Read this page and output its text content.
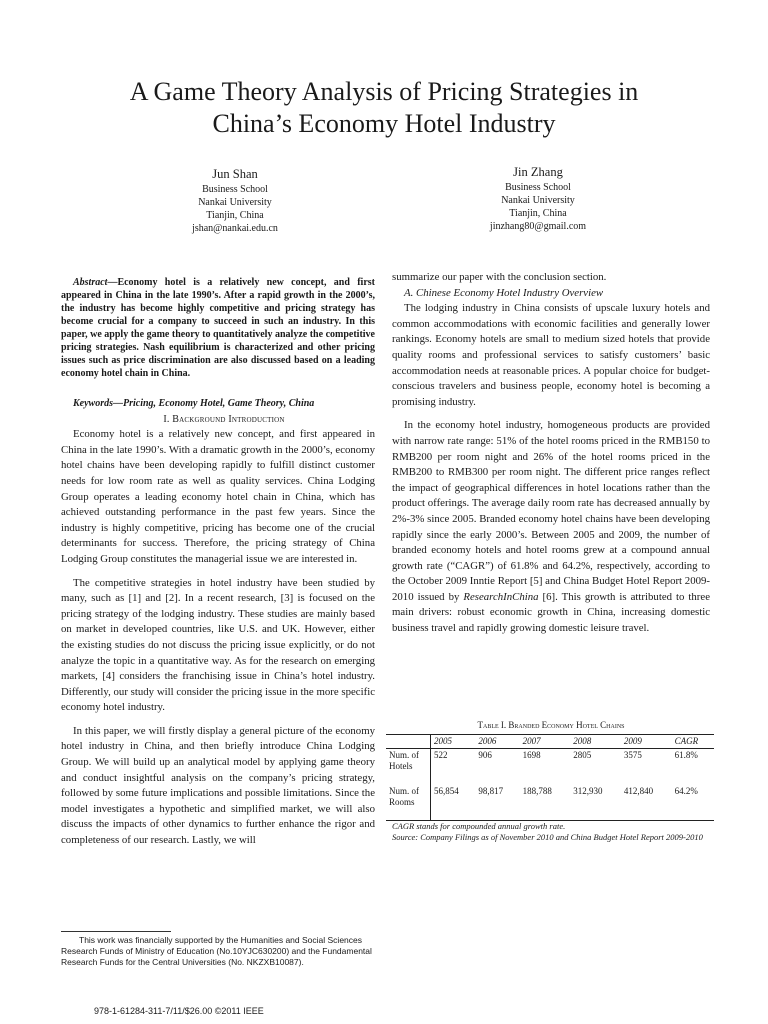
A Game Theory Analysis of Pricing Strategies in
China’s Economy Hotel Industry
Jun Shan
Business School
Nankai University
Tianjin, China
jshan@nankai.edu.cn
Jin Zhang
Business School
Nankai University
Tianjin, China
jinzhang80@gmail.com

Abstract—Economy hotel is a relatively new concept, and first appeared in China in the late 1990’s. After a rapid growth in the 2000’s, the industry has become highly competitive and pricing strategy has become crucial for a company to succeed in such an industry. In this paper, we apply the game theory to quantitatively analyze the competitive pricing strategies. Nash equilibrium is characterized and other pricing issues such as price discrimination are also discussed based on a leading economy hotel chain in China.

Keywords—Pricing, Economy Hotel, Game Theory, China

I. Background Introduction

Economy hotel is a relatively new concept, and first appeared in China in the late 1990’s. With a dramatic growth in the 2000’s, economy hotel chains have been developing rapidly to fulfill distinct customer needs for low room rate as well as quality services. China Lodging Group operates a leading economy hotel chain in China, which has achieved outstanding performance in the past few years. Since the industry is highly competitive, pricing has become one of the crucial determinants for success. Therefore, the pricing strategy of China Lodging Group constitutes the managerial issue we are interested in.

The competitive strategies in hotel industry have been studied by many, such as [1] and [2]. In a recent research, [3] is focused on the pricing strategy of the lodging industry. These studies are mainly based on market in developed countries, like U.S. and UK. However, either the existing studies do not discuss the pricing issue explicitly, or do not analyze the topic in a quantitative way. As for the research on emerging markets, [4] considers the franchising issue in China’s hotel industry. Differently, our study will consider the pricing issue in the more specific economy hotel industry.

In this paper, we will firstly display a general picture of the economy hotel industry in China, and then briefly introduce China Lodging Group. We will build up an analytical model by applying game theory and conduct insightful analysis on the company’s pricing strategy, followed by some future implications and possible limitations. Since the model investigates a hypothetic and simplified market, we will also discuss the impacts of other dynamics to further enhance the rigor and completeness of our research. Lastly, we will

summarize our paper with the conclusion section.

A. Chinese Economy Hotel Industry Overview

The lodging industry in China consists of upscale luxury hotels and common accommodations with economic facilities and generally lower rankings. Economy hotels are small to medium sized hotels that provide quality rooms and professional services to satisfy customers’ basic accommodation needs at reasonable prices. A popular choice for budget-conscious travelers and business people, economy hotel is becoming a promising industry.

In the economy hotel industry, homogeneous products are provided with narrow rate range: 51% of the hotel rooms priced in the RMB150 to RMB200 per room night and 26% of the hotel rooms priced in the RMB200 to RMB300 per room night. The different price ranges reflect the impact of geographical differences in hotel locations rather than the product offerings. The average daily room rate has decreased annually by 2%-3% since 2005. Branded economy hotel chains have been developing rapidly since the early 2000’s. Between 2005 and 2009, the number of branded economy hotels and hotel rooms grew at a compound annual growth rate (“CAGR”) of 61.8% and 64.2%, respectively, according to the October 2009 Inntie Report [5] and China Budget Hotel Report 2009-2010 issued by ResearchInChina [6]. This growth is attributed to three main drivers: robust economic growth in China, increasing domestic business travel and rapidly growing domestic leisure travel.

Table I. Branded Economy Hotel Chains
	2005	2006	2007	2008	2009	CAGR
Num. of Hotels	522	906	1698	2805	3575	61.8%
Num. of Rooms	56,854	98,817	188,788	312,930	412,840	64.2%

CAGR stands for compounded annual growth rate.

Source: Company Filings as of November 2010 and China Budget Hotel Report 2009-2010

This work was financially supported by the Humanities and Social Sciences Research Funds of Ministry of Education (No.10YJC630200) and the Fundamental Research Funds for the Central Universities (No. NKZXB10087).

978-1-61284-311-7/11/$26.00 ©2011 IEEE
